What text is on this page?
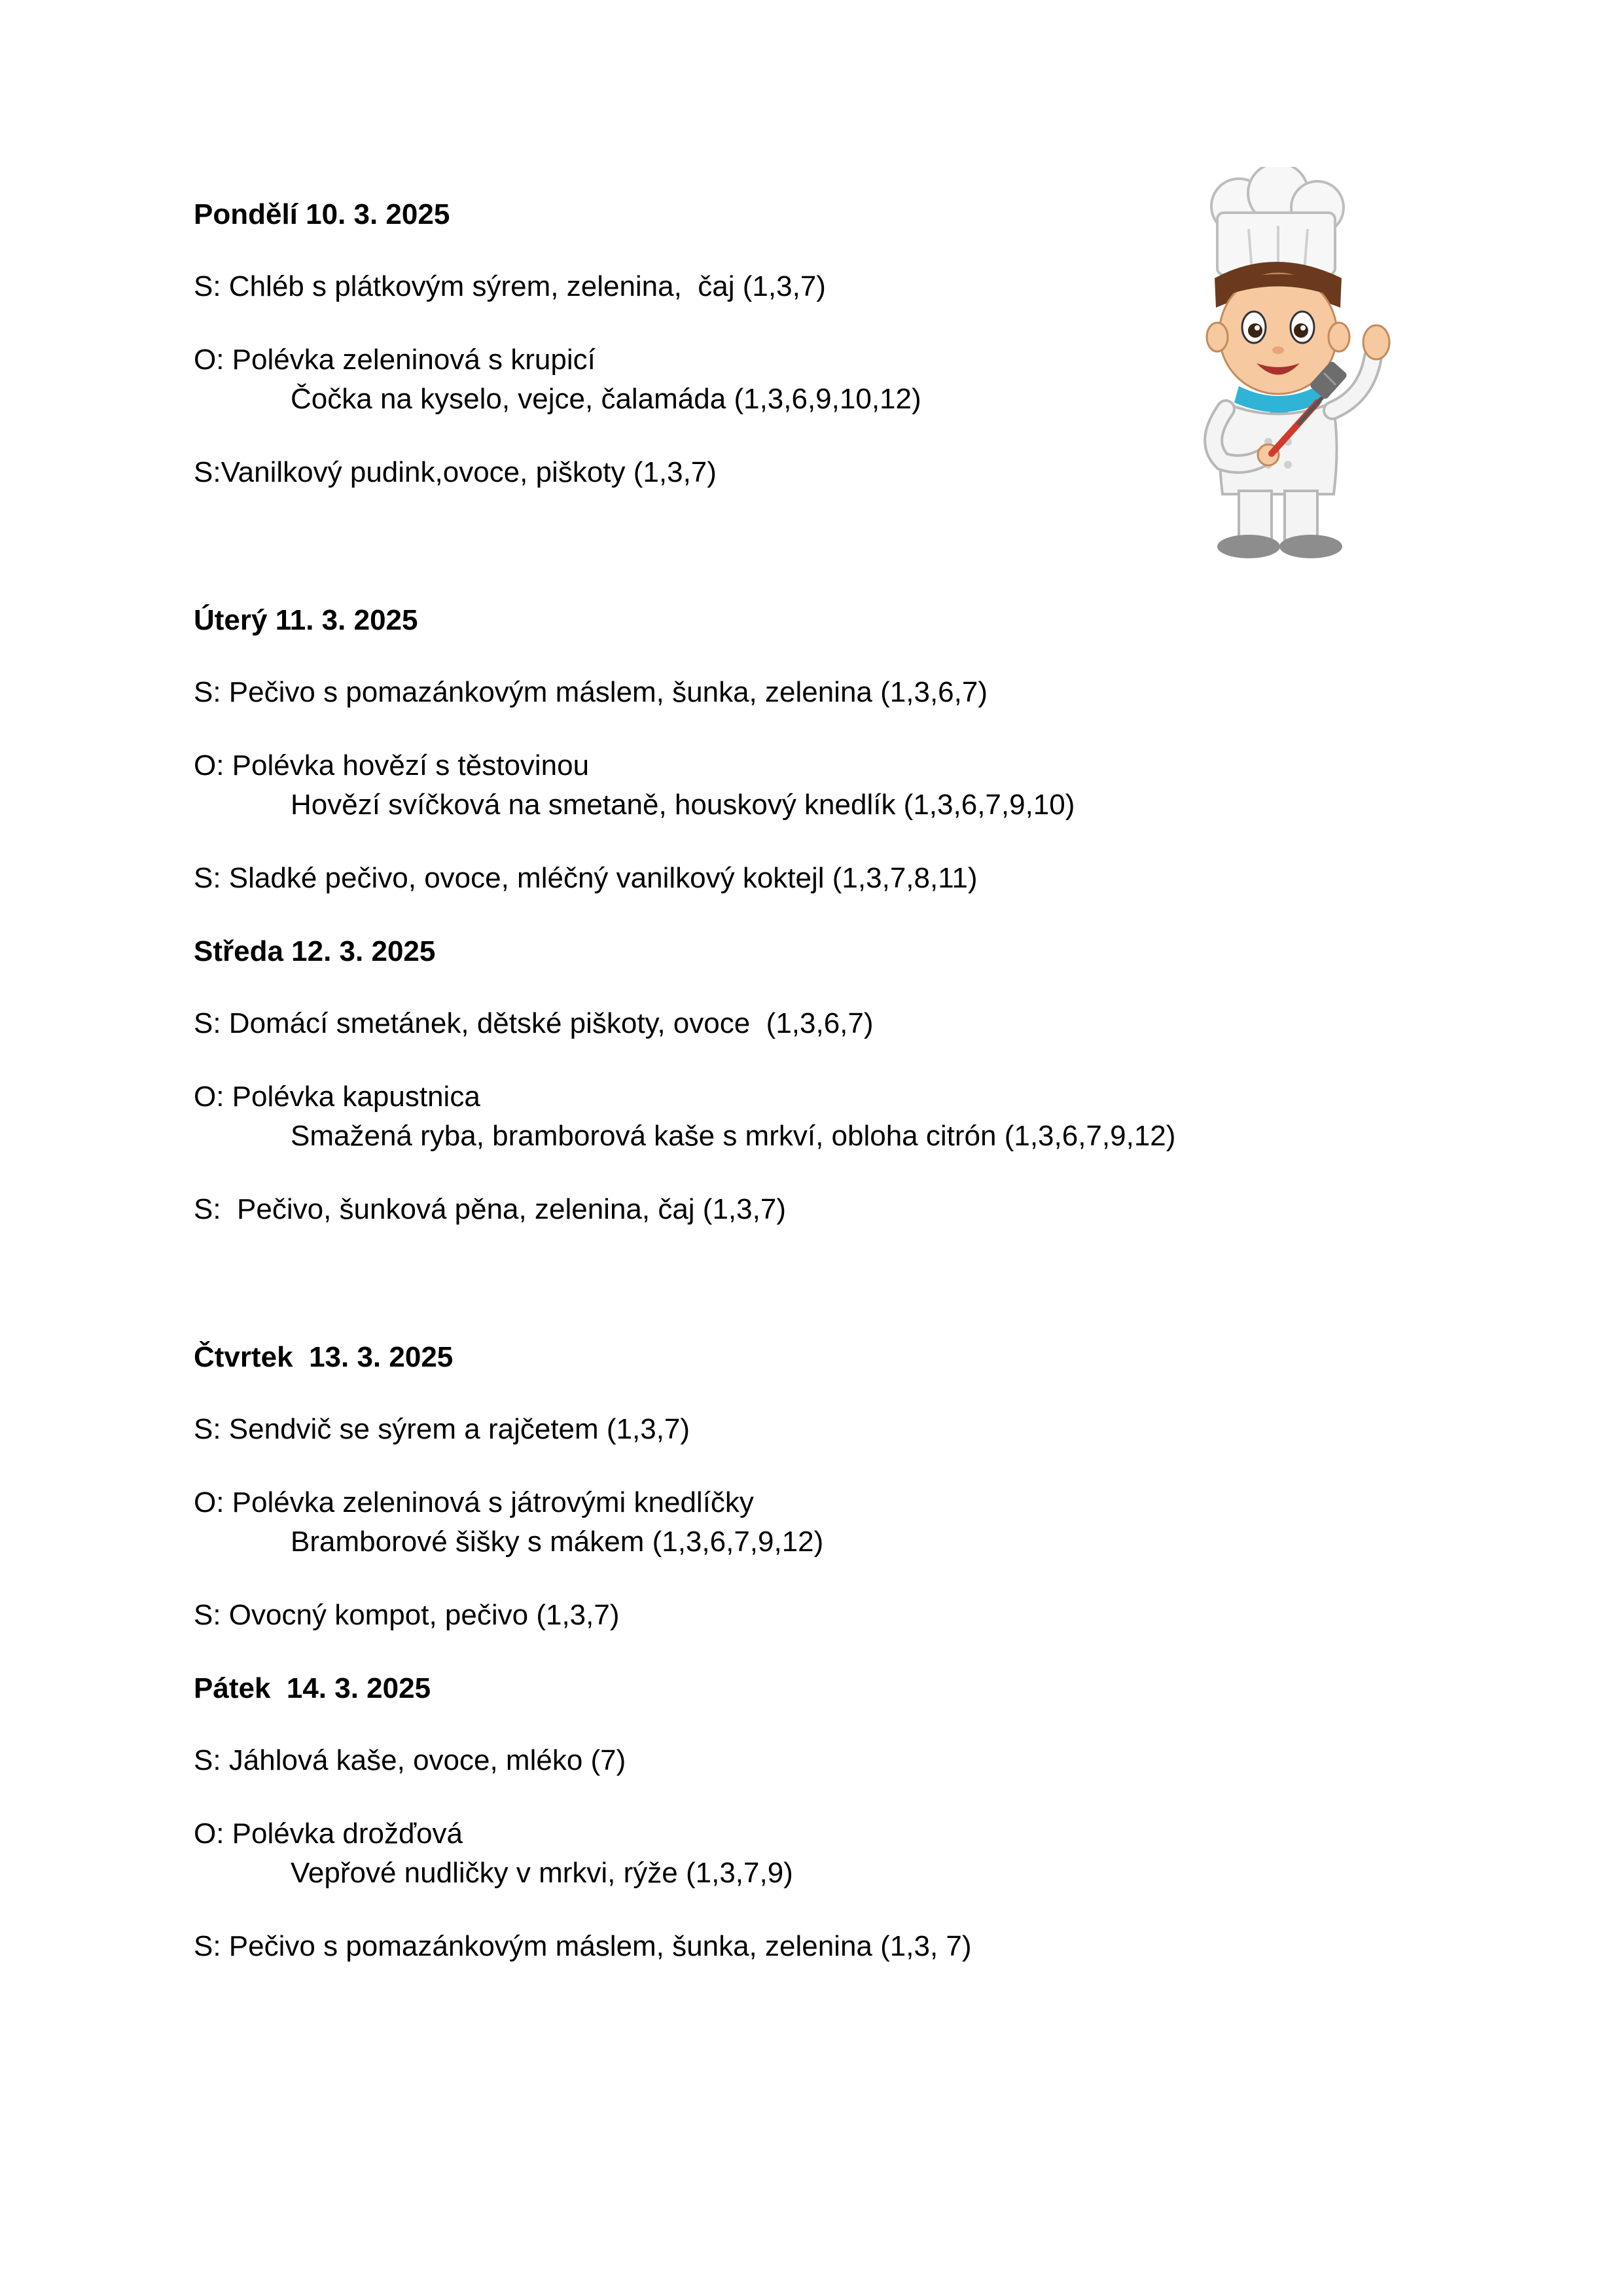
Pondělí 10. 3. 2025
S: Chléb s plátkovým sýrem, zelenina,  čaj (1,3,7)
O: Polévka zeleninová s krupicí
Čočka na kyselo, vejce, čalamáda (1,3,6,9,10,12)
S:Vanilkový pudink,ovoce, piškoty (1,3,7)
Úterý 11. 3. 2025
S: Pečivo s pomazánkovým máslem, šunka, zelenina (1,3,6,7)
O: Polévka hovězí s těstovinou
Hovězí svíčková na smetaně, houskový knedlík (1,3,6,7,9,10)
S: Sladké pečivo, ovoce, mléčný vanilkový koktejl (1,3,7,8,11)
Středa 12. 3. 2025
S: Domácí smetánek, dětské piškoty, ovoce  (1,3,6,7)
O: Polévka kapustnica
Smažená ryba, bramborová kaše s mrkví, obloha citrón (1,3,6,7,9,12)
S:  Pečivo, šunková pěna, zelenina, čaj (1,3,7)
Čtvrtek  13. 3. 2025
S: Sendvič se sýrem a rajčetem (1,3,7)
O: Polévka zeleninová s játrovými knedlíčky
Bramborové šišky s mákem (1,3,6,7,9,12)
S: Ovocný kompot, pečivo (1,3,7)
Pátek  14. 3. 2025
S: Jáhlová kaše, ovoce, mléko (7)
O: Polévka drožďová
Vepřové nudličky v mrkvi, rýže (1,3,7,9)
S: Pečivo s pomazánkovým máslem, šunka, zelenina (1,3, 7)
